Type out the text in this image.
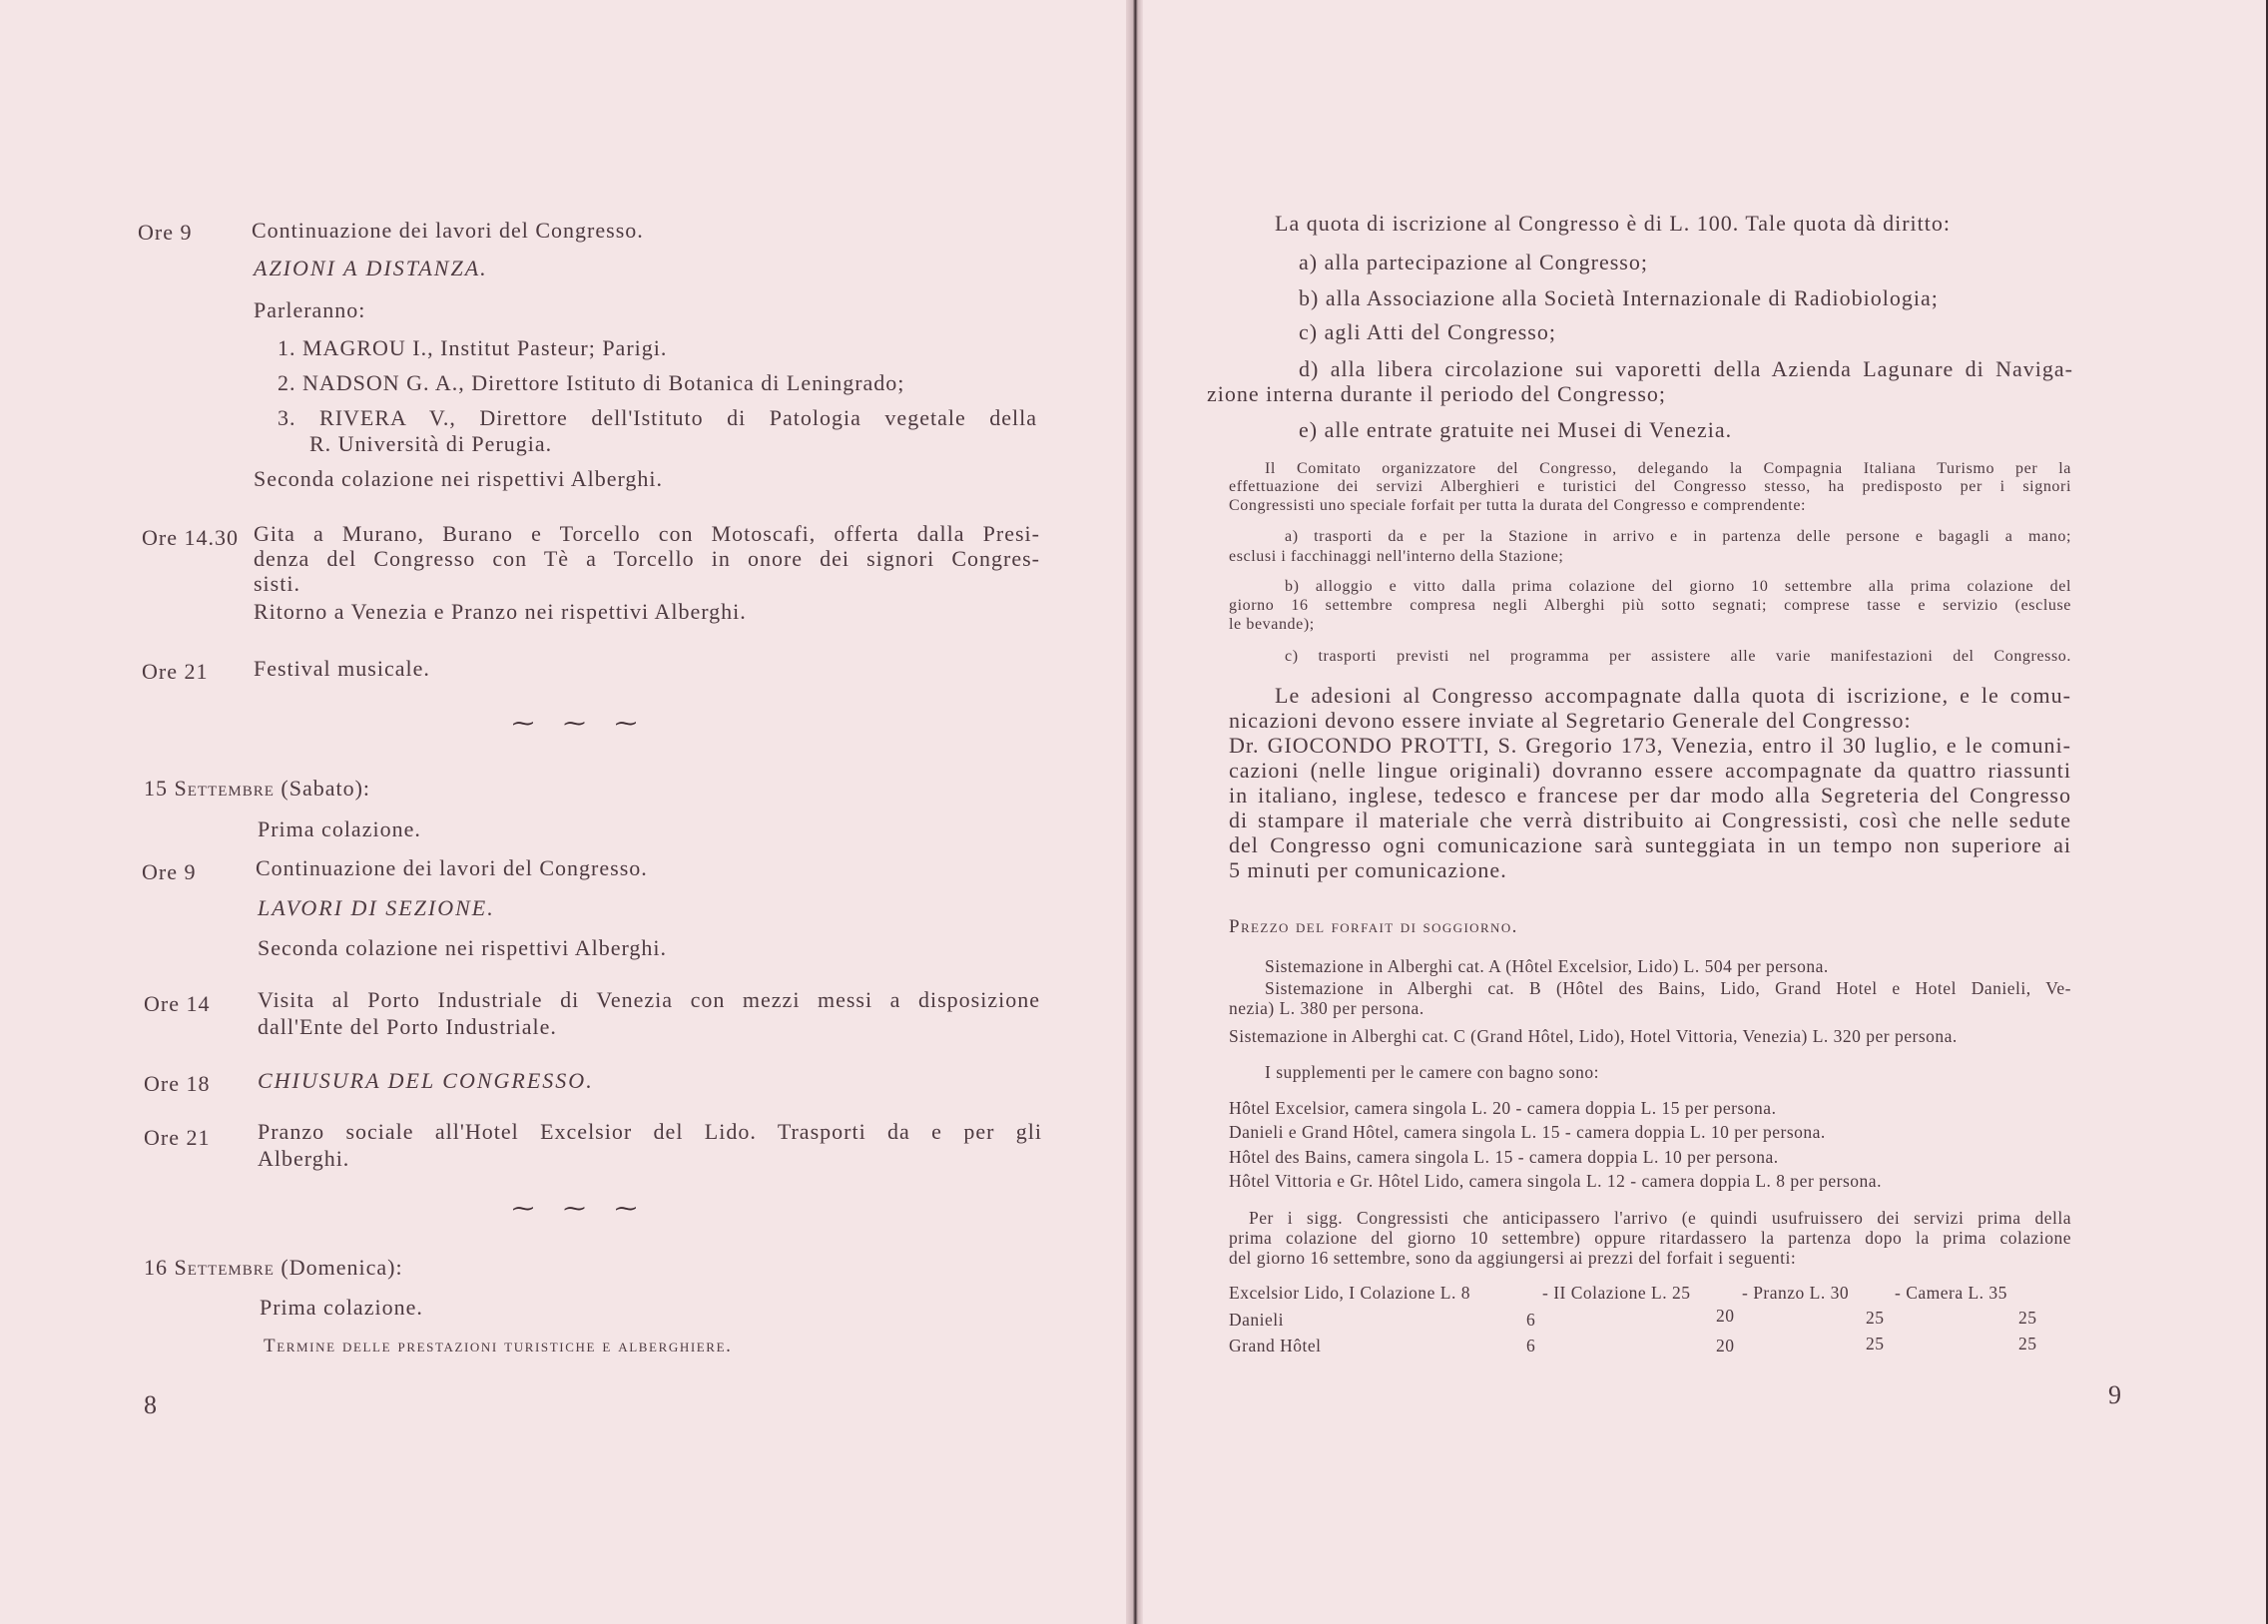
Ore 9	Continuazione dei lavori del Congresso.
AZIONI A DISTANZA.
Parleranno:
1. MAGROU I., Institut Pasteur; Parigi.
2. NADSON G. A., Direttore Istituto di Botanica di Leningrado;
3. RIVERA V., Direttore dell'Istituto di Patologia vegetale della
R. Università di Perugia.
Seconda colazione nei rispettivi Alberghi.
Ore 14.30 Gita a Murano, Burano e Torcello con Motoscafi, offerta dalla Presi-
denza del Congresso con Tè a Torcello in onore dei signori Congres-
sisti.
Ritorno a Venezia e Pranzo nei rispettivi Alberghi.
Ore 21 Festival musicale.
⁓ ⁓ ⁓
15 Settembre (Sabato):
Prima colazione.
Ore 9	Continuazione dei lavori del Congresso.
LAVORI DI SEZIONE.
Seconda colazione nei rispettivi Alberghi.
Ore 14 Visita al Porto Industriale di Venezia con mezzi messi a disposizione
dall'Ente del Porto Industriale.
Ore 18 CHIUSURA DEL CONGRESSO.
Ore 21 Pranzo sociale all'Hotel Excelsior del Lido. Trasporti da e per gli
Alberghi.
⁓ ⁓ ⁓
16 Settembre (Domenica):
Prima colazione.
Termine delle prestazioni turistiche e alberghiere.
8
La quota di iscrizione al Congresso è di L. 100. Tale quota dà diritto:
a) alla partecipazione al Congresso;
b) alla Associazione alla Società Internazionale di Radiobiologia;
c) agli Atti del Congresso;
d) alla libera circolazione sui vaporetti della Azienda Lagunare di Naviga-
zione interna durante il periodo del Congresso;
e) alle entrate gratuite nei Musei di Venezia.
Il Comitato organizzatore del Congresso, delegando la Compagnia Italiana Turismo per la
effettuazione dei servizi Alberghieri e turistici del Congresso stesso, ha predisposto per i signori
Congressisti uno speciale forfait per tutta la durata del Congresso e comprendente:
a) trasporti da e per la Stazione in arrivo e in partenza delle persone e bagagli a mano;
esclusi i facchinaggi nell'interno della Stazione;
b) alloggio e vitto dalla prima colazione del giorno 10 settembre alla prima colazione del
giorno 16 settembre compresa negli Alberghi più sotto segnati; comprese tasse e servizio (escluse
le bevande);
c) trasporti previsti nel programma per assistere alle varie manifestazioni del Congresso.
Le adesioni al Congresso accompagnate dalla quota di iscrizione, e le comu-
nicazioni devono essere inviate al Segretario Generale del Congresso:
Dr. GIOCONDO PROTTI, S. Gregorio 173, Venezia, entro il 30 luglio, e le comuni-
cazioni (nelle lingue originali) dovranno essere accompagnate da quattro riassunti
in italiano, inglese, tedesco e francese per dar modo alla Segreteria del Congresso
di stampare il materiale che verrà distribuito ai Congressisti, così che nelle sedute
del Congresso ogni comunicazione sarà sunteggiata in un tempo non superiore ai
5 minuti per comunicazione.
Prezzo del forfait di soggiorno.
Sistemazione in Alberghi cat. A (Hôtel Excelsior, Lido) L. 504 per persona.
Sistemazione in Alberghi cat. B (Hôtel des Bains, Lido, Grand Hotel e Hotel Danieli, Ve-
nezia) L. 380 per persona.
Sistemazione in Alberghi cat. C (Grand Hôtel, Lido), Hotel Vittoria, Venezia) L. 320 per persona.
I supplementi per le camere con bagno sono:
Hôtel Excelsior, camera singola L. 20 - camera doppia L. 15 per persona.
Danieli e Grand Hôtel, camera singola L. 15 - camera doppia L. 10 per persona.
Hôtel des Bains, camera singola L. 15 - camera doppia L. 10 per persona.
Hôtel Vittoria e Gr. Hôtel Lido, camera singola L. 12 - camera doppia L. 8 per persona.
Per i sigg. Congressisti che anticipassero l'arrivo (e quindi usufruissero dei servizi prima della
prima colazione del giorno 10 settembre) oppure ritardassero la partenza dopo la prima colazione
del giorno 16 settembre, sono da aggiungersi ai prezzi del forfait i seguenti:
Excelsior Lido, I Colazione L. 8	- II Colazione L. 25	- Pranzo L. 30	- Camera L. 35
Danieli	6	20	25	25
Grand Hôtel	6	20	25	25
9
